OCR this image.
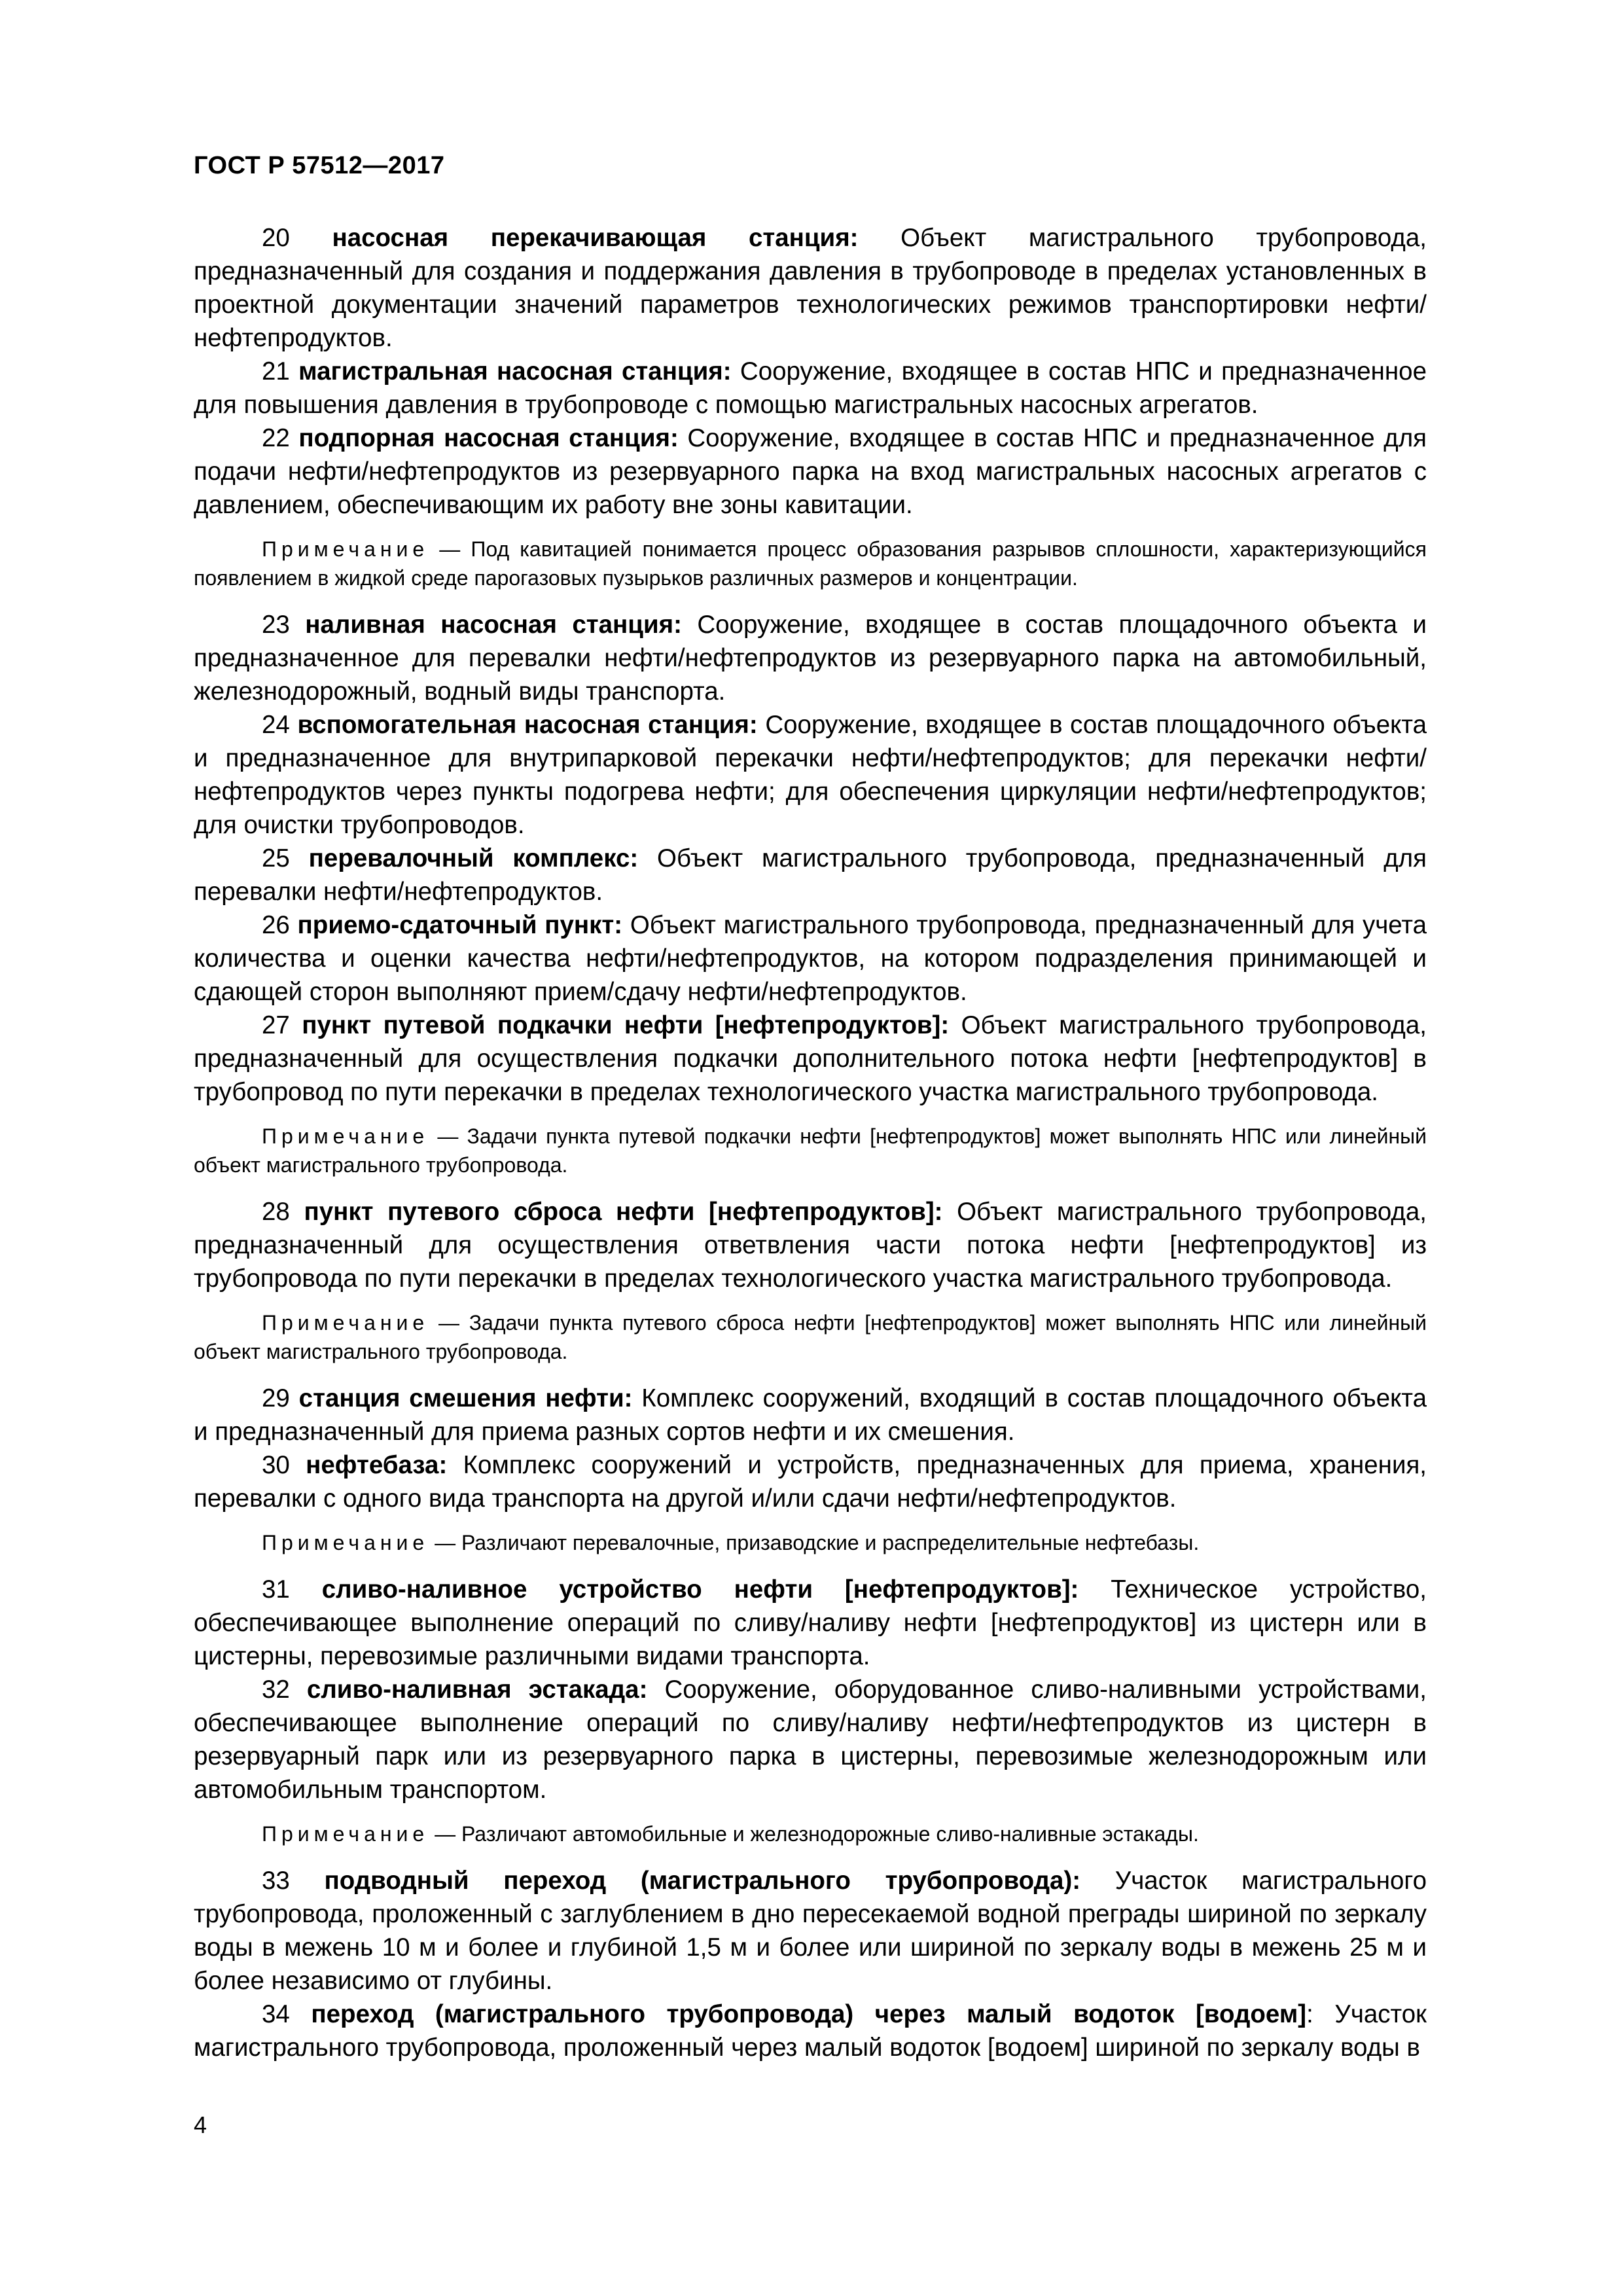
ГОСТ Р 57512—2017

20 насосная перекачивающая станция: Объект магистрального трубопровода, предназначенный для создания и поддержания давления в трубопроводе в пределах установленных в проектной документации значений параметров технологических режимов транспортировки нефти/нефтепродуктов.

21 магистральная насосная станция: Сооружение, входящее в состав НПС и предназначенное для повышения давления в трубопроводе с помощью магистральных насосных агрегатов.

22 подпорная насосная станция: Сооружение, входящее в состав НПС и предназначенное для подачи нефти/нефтепродуктов из резервуарного парка на вход магистральных насосных агрегатов с давлением, обеспечивающим их работу вне зоны кавитации.

Примечание — Под кавитацией понимается процесс образования разрывов сплошности, характеризующийся появлением в жидкой среде парогазовых пузырьков различных размеров и концентрации.

23 наливная насосная станция: Сооружение, входящее в состав площадочного объекта и предназначенное для перевалки нефти/нефтепродуктов из резервуарного парка на автомобильный, железнодорожный, водный виды транспорта.

24 вспомогательная насосная станция: Сооружение, входящее в состав площадочного объекта и предназначенное для внутрипарковой перекачки нефти/нефтепродуктов; для перекачки нефти/нефтепродуктов через пункты подогрева нефти; для обеспечения циркуляции нефти/нефтепродуктов; для очистки трубопроводов.

25 перевалочный комплекс: Объект магистрального трубопровода, предназначенный для перевалки нефти/нефтепродуктов.

26 приемо-сдаточный пункт: Объект магистрального трубопровода, предназначенный для учета количества и оценки качества нефти/нефтепродуктов, на котором подразделения принимающей и сдающей сторон выполняют прием/сдачу нефти/нефтепродуктов.

27 пункт путевой подкачки нефти [нефтепродуктов]: Объект магистрального трубопровода, предназначенный для осуществления подкачки дополнительного потока нефти [нефтепродуктов] в трубопровод по пути перекачки в пределах технологического участка магистрального трубопровода.

Примечание — Задачи пункта путевой подкачки нефти [нефтепродуктов] может выполнять НПС или линейный объект магистрального трубопровода.

28 пункт путевого сброса нефти [нефтепродуктов]: Объект магистрального трубопровода, предназначенный для осуществления ответвления части потока нефти [нефтепродуктов] из трубопровода по пути перекачки в пределах технологического участка магистрального трубопровода.

Примечание — Задачи пункта путевого сброса нефти [нефтепродуктов] может выполнять НПС или линейный объект магистрального трубопровода.

29 станция смешения нефти: Комплекс сооружений, входящий в состав площадочного объекта и предназначенный для приема разных сортов нефти и их смешения.

30 нефтебаза: Комплекс сооружений и устройств, предназначенных для приема, хранения, перевалки с одного вида транспорта на другой и/или сдачи нефти/нефтепродуктов.

Примечание — Различают перевалочные, призаводские и распределительные нефтебазы.

31 сливо-наливное устройство нефти [нефтепродуктов]: Техническое устройство, обеспечивающее выполнение операций по сливу/наливу нефти [нефтепродуктов] из цистерн или в цистерны, перевозимые различными видами транспорта.

32 сливо-наливная эстакада: Сооружение, оборудованное сливо-наливными устройствами, обеспечивающее выполнение операций по сливу/наливу нефти/нефтепродуктов из цистерн в резервуарный парк или из резервуарного парка в цистерны, перевозимые железнодорожным или автомобильным транспортом.

Примечание — Различают автомобильные и железнодорожные сливо-наливные эстакады.

33 подводный переход (магистрального трубопровода): Участок магистрального трубопровода, проложенный с заглублением в дно пересекаемой водной преграды шириной по зеркалу воды в межень 10 м и более и глубиной 1,5 м и более или шириной по зеркалу воды в межень 25 м и более независимо от глубины.

34 переход (магистрального трубопровода) через малый водоток [водоем]: Участок магистрального трубопровода, проложенный через малый водоток [водоем] шириной по зеркалу воды в

4
